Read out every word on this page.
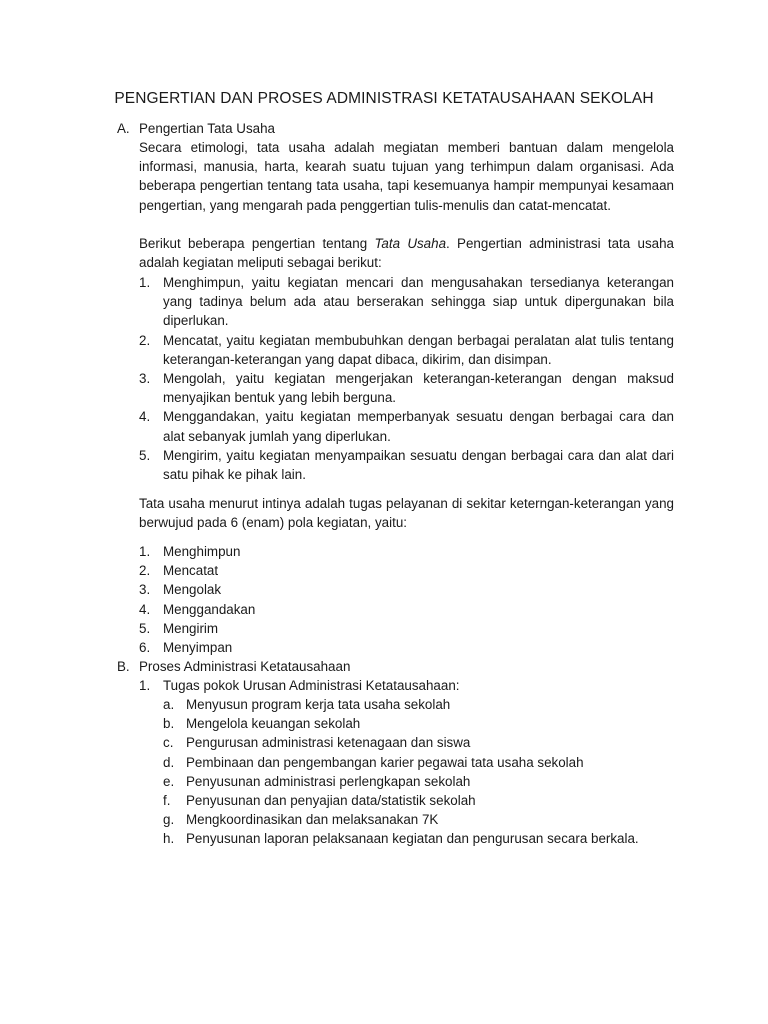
PENGERTIAN DAN PROSES ADMINISTRASI KETATAUSAHAAN SEKOLAH
A. Pengertian Tata Usaha
Secara etimologi, tata usaha adalah megiatan memberi bantuan dalam mengelola informasi, manusia, harta, kearah suatu tujuan yang terhimpun dalam organisasi. Ada beberapa pengertian tentang tata usaha, tapi kesemuanya hampir mempunyai kesamaan pengertian, yang mengarah pada penggertian tulis-menulis dan catat-mencatat.
Berikut beberapa pengertian tentang Tata Usaha. Pengertian administrasi tata usaha adalah kegiatan meliputi sebagai berikut:
1. Menghimpun, yaitu kegiatan mencari dan mengusahakan tersedianya keterangan yang tadinya belum ada atau berserakan sehingga siap untuk dipergunakan bila diperlukan.
2. Mencatat, yaitu kegiatan membubuhkan dengan berbagai peralatan alat tulis tentang keterangan-keterangan yang dapat dibaca, dikirim, dan disimpan.
3. Mengolah, yaitu kegiatan mengerjakan keterangan-keterangan dengan maksud menyajikan bentuk yang lebih berguna.
4. Menggandakan, yaitu kegiatan memperbanyak sesuatu dengan berbagai cara dan alat sebanyak jumlah yang diperlukan.
5. Mengirim, yaitu kegiatan menyampaikan sesuatu dengan berbagai cara dan alat dari satu pihak ke pihak lain.
Tata usaha menurut intinya adalah tugas pelayanan di sekitar keterngan-keterangan yang berwujud pada 6 (enam) pola kegiatan, yaitu:
1. Menghimpun
2. Mencatat
3. Mengolak
4. Menggandakan
5. Mengirim
6. Menyimpan
B. Proses Administrasi Ketatausahaan
1. Tugas pokok Urusan Administrasi Ketatausahaan:
a. Menyusun program kerja tata usaha sekolah
b. Mengelola keuangan sekolah
c. Pengurusan administrasi ketenagaan dan siswa
d. Pembinaan dan pengembangan karier pegawai tata usaha sekolah
e. Penyusunan administrasi perlengkapan sekolah
f. Penyusunan dan penyajian data/statistik sekolah
g. Mengkoordinasikan dan melaksanakan 7K
h. Penyusunan laporan pelaksanaan kegiatan dan pengurusan secara berkala.
